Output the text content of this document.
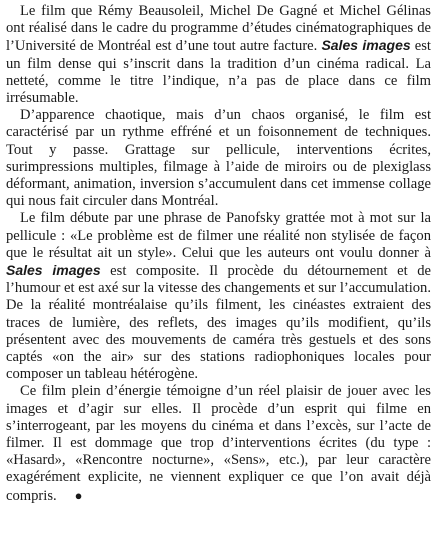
Le film que Rémy Beausoleil, Michel De Gagné et Michel Gélinas ont réalisé dans le cadre du programme d’études cinématographiques de l’Université de Montréal est d’une tout autre facture. Sales images est un film dense qui s’inscrit dans la tradition d’un cinéma radical. La netteté, comme le titre l’indique, n’a pas de place dans ce film irrésumable.

D’apparence chaotique, mais d’un chaos organisé, le film est caractérisé par un rythme effréné et un foisonnement de techniques. Tout y passe. Grattage sur pellicule, interventions écrites, surimpressions multiples, filmage à l’aide de miroirs ou de plexiglass déformant, animation, inversion s’accumulent dans cet immense collage qui nous fait circuler dans Montréal.

Le film débute par une phrase de Panofsky grattée mot à mot sur la pellicule : «Le problème est de filmer une réalité non stylisée de façon que le résultat ait un style». Celui que les auteurs ont voulu donner à Sales images est composite. Il procède du détournement et de l’humour et est axé sur la vitesse des changements et sur l’accumulation. De la réalité montréalaise qu’ils filment, les cinéastes extraient des traces de lumière, des reflets, des images qu’ils modifient, qu’ils présentent avec des mouvements de caméra très gestuels et des sons captés «on the air» sur des stations radiophoniques locales pour composer un tableau hétérogène.

Ce film plein d’énergie témoigne d’un réel plaisir de jouer avec les images et d’agir sur elles. Il procède d’un esprit qui filme en s’interrogeant, par les moyens du cinéma et dans l’excès, sur l’acte de filmer. Il est dommage que trop d’interventions écrites (du type : «Hasard», «Rencontre nocturne», «Sens», etc.), par leur caractère exagérément explicite, ne viennent expliquer ce que l’on avait déjà compris. ●
